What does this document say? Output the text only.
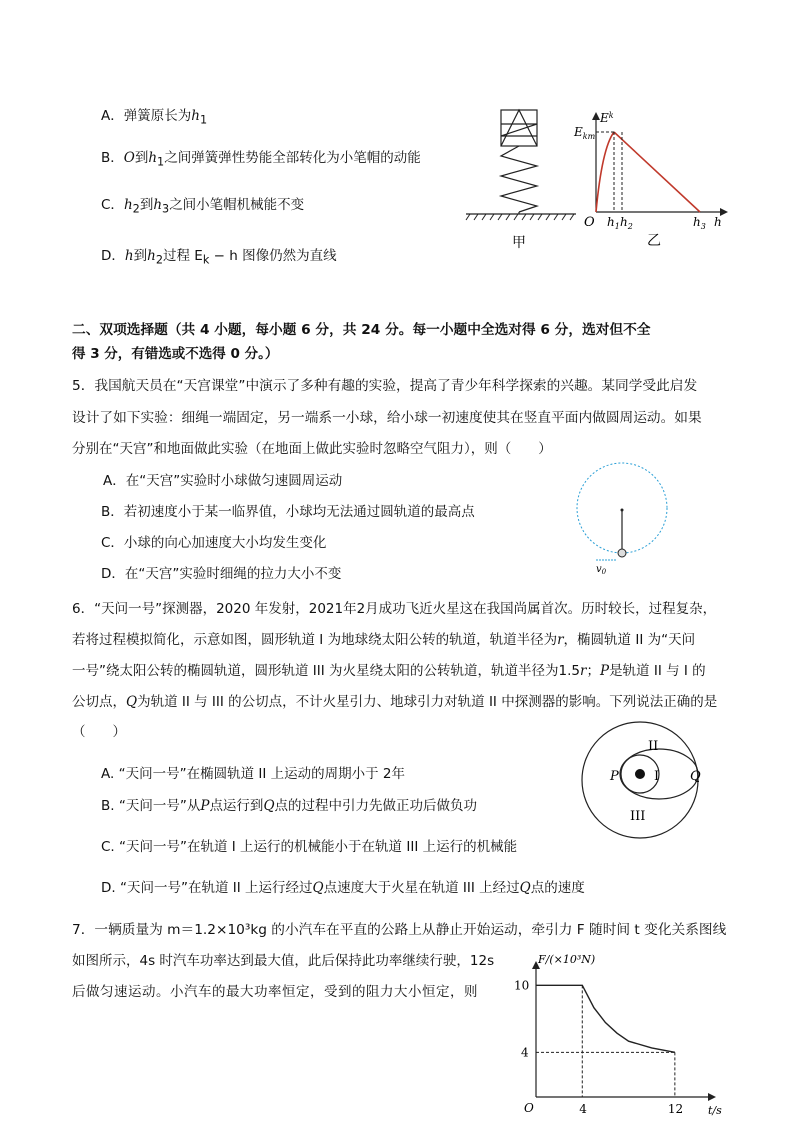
A．弹簧原长为$h_1$
B．O到$h_1$之间弹簧弹性势能全部转化为小笔帽的动能
C．$h_2$到$h_3$之间小笔帽机械能不变
D．h到$h_2$过程 $E_k - h$ 图像仍然为直线
甲
$E^k$
$E_{km}$
O $h_1$ $h_2$	$h_3$ h
乙
二、双项选择题（共 4 小题，每小题 6 分，共 24 分。每一小题中全选对得 6 分，选对但不全
得 3 分，有错选或不选得 0 分。）
5．我国航天员在“天宫课堂”中演示了多种有趣的实验，提高了青少年科学探索的兴趣。某同学受此启发
设计了如下实验：细绳一端固定，另一端系一小球，给小球一初速度使其在竖直平面内做圆周运动。如果
分别在“天宫”和地面做此实验（在地面上做此实验时忽略空气阻力），则（　　）
A．在“天宫”实验时小球做匀速圆周运动
B．若初速度小于某一临界值，小球均无法通过圆轨道的最高点
C．小球的向心加速度大小均发生变化
D．在“天宫”实验时细绳的拉力大小不变	$v_0$
6．“天问一号”探测器，2020 年发射，2021年2月成功飞近火星这在我国尚属首次。历时较长，过程复杂，
若将过程模拟简化，示意如图，圆形轨道 I 为地球绕太阳公转的轨道，轨道半径为r，椭圆轨道 II 为“天问
一号”绕太阳公转的椭圆轨道，圆形轨道 III 为火星绕太阳的公转轨道，轨道半径为1.5r；P是轨道 II 与 I 的
公切点，Q为轨道 II 与 III 的公切点，不计火星引力、地球引力对轨道 II 中探测器的影响。下列说法正确的是
（　　）
A. “天问一号”在椭圆轨道 II 上运动的周期小于 2年
B. “天问一号”从P点运行到Q点的过程中引力先做正功后做负功
C. “天问一号”在轨道 I 上运行的机械能小于在轨道 III 上运行的机械能
D. “天问一号”在轨道 II 上运行经过Q点速度大于火星在轨道 III 上经过Q点的速度
II
I
P	Q
III
7．一辆质量为 m＝1.2×10³kg 的小汽车在平直的公路上从静止开始运动，牵引力 F 随时间 t 变化关系图线
如图所示，4s 时汽车功率达到最大值，此后保持此功率继续行驶，12s
后做匀速运动。小汽车的最大功率恒定，受到的阻力大小恒定，则
F/(×10³N)
t/s
O	4	12
10
4
